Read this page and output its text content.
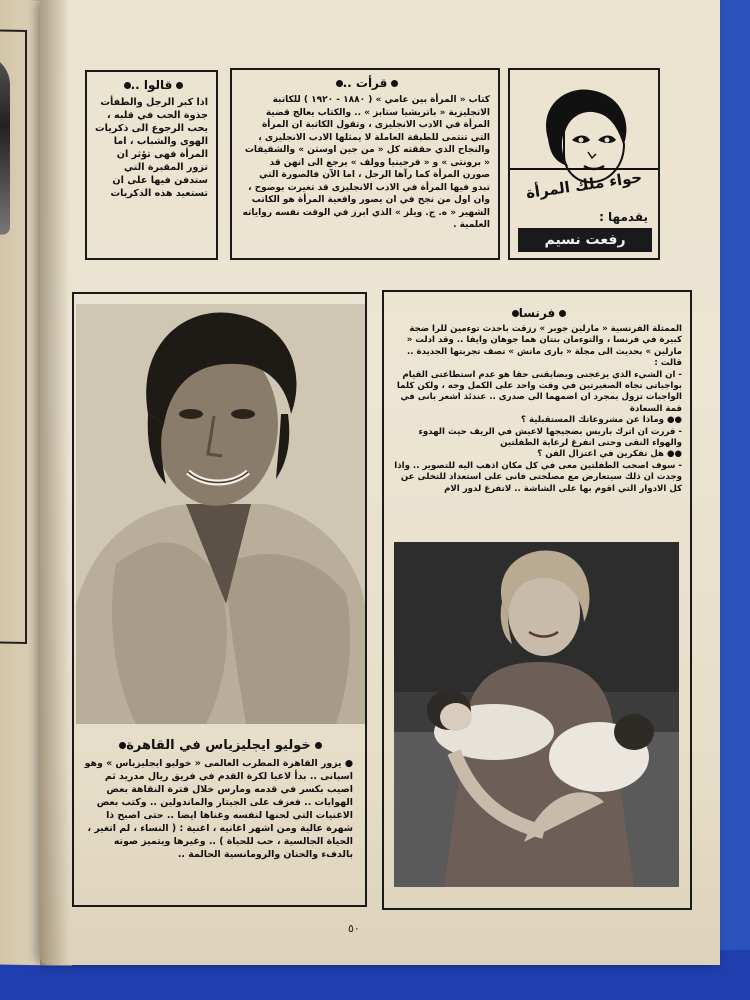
قالوا ..
اذا كبر الرجل والطفأت جذوة الحب في قلبه ، يحب الرجوع الى ذكريات الهوى والشباب ، اما المرأة فهى تؤثر ان تزور المقبرة التي ستدفن فيها على ان تستعيد هذه الذكريات
قرأت ..
كتاب « المرأة بين عامي » ( ١٨٨٠ - ١٩٢٠ ) للكاتبة الانجليزية « باتريشيا ستابز » .. والكتاب يعالج قضية المرأة في الادب الانجليزى ، وتقول الكاتبة ان المرأة التي تنتمى للطبقة العاملة لا يمثلها الادب الانجليزى ، والنجاح الذي حققته كل « من جين اوستن » والشقيقات « برونتى » و « فرجينيا وولف » يرجع الى انهن قد صورن المرأة كما رآها الرجل ، اما الآن فالصورة التي تبدو فيها المرأة في الادب الانجليزى قد تغيرت بوضوح ، وان اول من نجح في ان يصور واقعية المرأة هو الكاتب الشهير « ه. ج. ويلز » الذي ابرز في الوقت نفسه رواياته العلمية .
حواء ملك المرأة
يقدمها :
رفعت نسيم
خوليو ايجليزياس في القاهرة
● يزور القاهرة المطرب العالمى « خوليو ايجليزياس » وهو اسبانى .. بدأ لاعبا لكرة القدم في فريق ريال مدريد ثم اصيب بكسر في قدمه ومارس خلال فترة النقاهة بعض الهوايات .. فعزف على الجيتار والماندولين .. وكتب بعض الاغنيات التي لحنها لنفسه وغناها ايضا .. حتى اصبح ذا شهرة عالية ومن اشهر اغانيه ، اغنية : ( النساء ، لم اتغير ، الحياة الجالسية ، حب للحياة ) .. وغيرها ويتميز صوته بالدفء والحنان والرومانسية الحالمة ..
فرنسا
الممثلة الفرنسية « مارلين جوبر » رزقت باحدث توءمين للرا ضجة كبيرة في فرنسا ، والتوءمان بنتان هما جوهان وايفا .. وقد ادلت « مارلين » بحديث الى مجلة « بارى ماتش » تصف تجربتها الجديدة .. قالت :
- ان الشيء الذي يزعجنى ويضايقنى حقا هو عدم استطاعتى القيام بواجباتى تجاه الصغيرتين في وقت واحد على الكمل وجه ، ولكن كلما الواجبات تزول بمجرد ان اضمهما الى صدرى .. عندئذ اشعر بانى في قمة السعادة
●● وماذا عن مشروعاتك المستقبلية ؟
- قررت ان اترك باريس بضجيجها لاعيش في الريف حيث الهدوء والهواء النقى وحتى اتفرغ لرعاية الطفلتين
●● هل تفكرين في اعتزال الفن ؟
- سوف اصحب الطفلتين معى في كل مكان اذهب اليه للتصوير .. واذا وجدت ان ذلك سيتعارض مع مصلحتى فانى على استعداد للتخلى عن كل الادوار التي اقوم بها على الشاشة .. لاتفرغ لدور الام
٥٠
